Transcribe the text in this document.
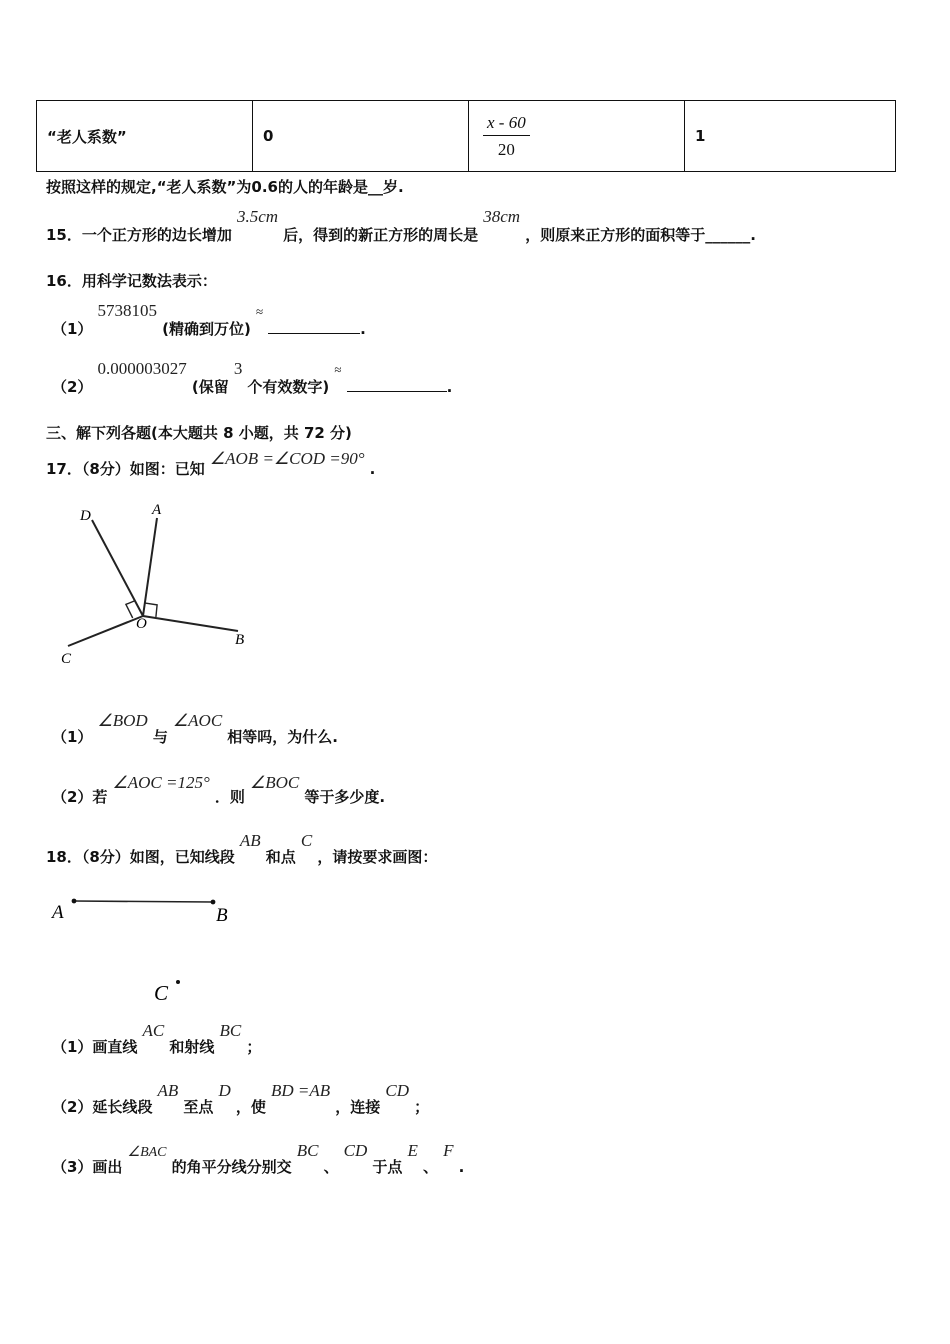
“老人系数”	0	$\frac{x - 60}{20}$	1
按照这样的规定,“老人系数”为0.6的人的年龄是__岁.
15．一个正方形的边长增加 3.5cm 后，得到的新正方形的周长是 38cm ，则原来正方形的面积等于______.
16．用科学记数法表示：
（1） 5738105 (精确到万位) ≈ .
（2） 0.000003027 (保留 3 个有效数字) ≈ .
三、解下列各题(本大题共 8 小题，共 72 分)
17．（8分）如图：已知 ∠AOB =∠COD =90° .
D	A
O
B
C
（1） ∠BOD 与 ∠AOC 相等吗，为什么.
（2）若 ∠AOC =125° ．则 ∠BOC 等于多少度.
18．（8分）如图，已知线段 AB 和点 C ，请按要求画图：
A	B
C
（1）画直线 AC 和射线 BC ；
（2）延长线段 AB 至点 D ，使 BD =AB ，连接 CD ；
（3）画出 ∠BAC 的角平分线分别交 BC 、 CD 于点 E 、 F .
